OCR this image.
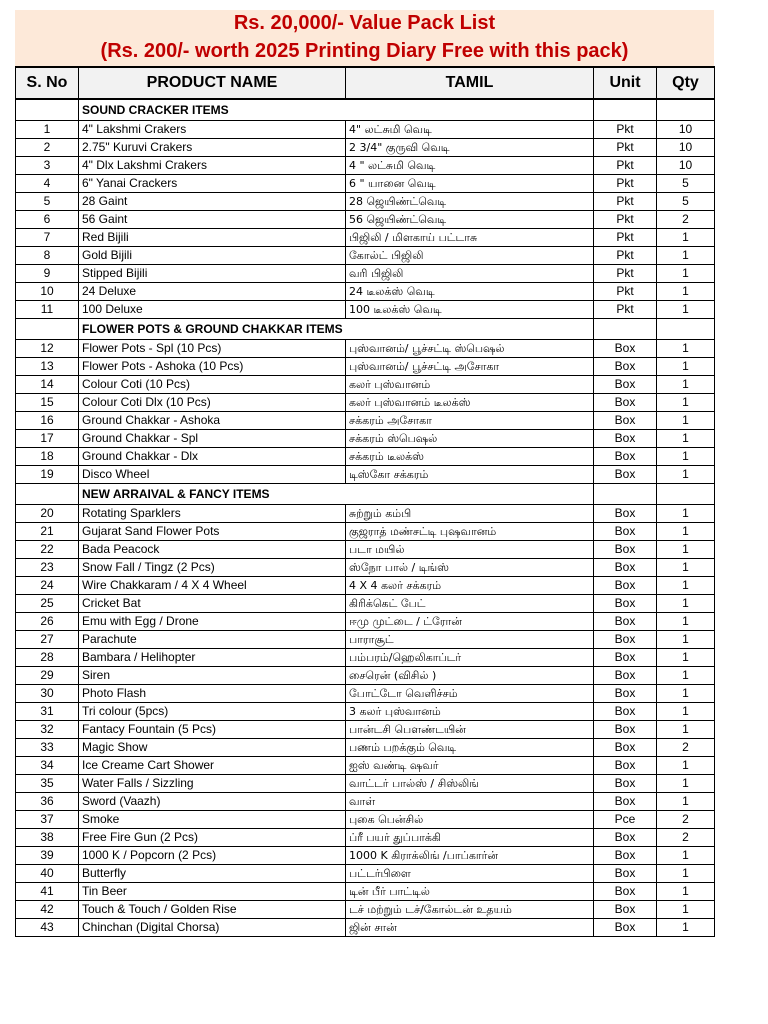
Rs. 20,000/- Value Pack List
(Rs. 200/- worth 2025 Printing Diary Free with this pack)
S. No	PRODUCT NAME	TAMIL	Unit	Qty
	SOUND CRACKER ITEMS			
1	4" Lakshmi Crakers	4" லட்சுமி வெடி	Pkt	10
2	2.75" Kuruvi Crakers	2 3/4" குருவி வெடி	Pkt	10
3	4" Dlx Lakshmi Crakers	4 " லட்சுமி வெடி	Pkt	10
4	6" Yanai Crackers	6 " யானை வெடி	Pkt	5
5	28 Gaint	28 ஜெயிண்ட்வெடி	Pkt	5
6	56 Gaint	56 ஜெயிண்ட்வெடி	Pkt	2
7	Red Bijili	பிஜிலி / மிளகாய் பட்டாசு	Pkt	1
8	Gold Bijili	கோல்ட் பிஜிலி	Pkt	1
9	Stipped Bijili	வரி பிஜிலி	Pkt	1
10	24 Deluxe	24 டீலக்ஸ் வெடி	Pkt	1
11	100 Deluxe	100 டீலக்ஸ் வெடி	Pkt	1
	FLOWER POTS & GROUND CHAKKAR ITEMS			
12	Flower Pots - Spl (10 Pcs)	புஸ்வானம்/ பூச்சட்டி ஸ்பெஷல்	Box	1
13	Flower Pots - Ashoka (10 Pcs)	புஸ்வானம்/ பூச்சட்டி அசோகா	Box	1
14	Colour Coti (10 Pcs)	கலர் புஸ்வானம்	Box	1
15	Colour Coti Dlx (10 Pcs)	கலர் புஸ்வானம் டீலக்ஸ்	Box	1
16	Ground Chakkar - Ashoka	சக்கரம் அசோகா	Box	1
17	Ground Chakkar - Spl	சக்கரம் ஸ்பெஷல்	Box	1
18	Ground Chakkar - Dlx	சக்கரம் டீலக்ஸ்	Box	1
19	Disco Wheel	டிஸ்கோ சக்கரம்	Box	1
	NEW ARRAIVAL & FANCY ITEMS			
20	Rotating Sparklers	சுற்றும் கம்பி	Box	1
21	Gujarat Sand Flower Pots	குஜராத் மண்சட்டி புஷவானம்	Box	1
22	Bada Peacock	படா மயில்	Box	1
23	Snow Fall / Tingz (2 Pcs)	ஸ்நோ பால் / டிங்ஸ்	Box	1
24	Wire Chakkaram / 4 X 4 Wheel	4 X 4 கலர் சக்கரம்	Box	1
25	Cricket Bat	கிரிக்கெட் பேட்	Box	1
26	Emu with Egg / Drone	ஈமு முட்டை / ட்ரோன்	Box	1
27	Parachute	பாராசூட்	Box	1
28	Bambara / Helihopter	பம்பரம்/ஹெலிகாப்டர்	Box	1
29	Siren	சைரென் (விசில் )	Box	1
30	Photo Flash	போட்டோ வெளிச்சம்	Box	1
31	Tri colour (5pcs)	3 கலர் புஸ்வானம்	Box	1
32	Fantacy Fountain (5 Pcs)	பான்டசி பௌண்டயின்	Box	1
33	Magic Show	பணம் பறக்கும் வெடி	Box	2
34	Ice Creame Cart Shower	ஐஸ் வண்டி ஷவர்	Box	1
35	Water Falls / Sizzling	வாட்டர் பால்ஸ் / சிஸ்லிங்	Box	1
36	Sword (Vaazh)	வாள்	Box	1
37	Smoke	புகை பென்சில்	Pce	2
38	Free Fire Gun (2 Pcs)	ப்ரீ பயர் துப்பாக்கி	Box	2
39	1000 K / Popcorn (2 Pcs)	1000 K கிராக்லிங் /பாப்கார்ன்	Box	1
40	Butterfly	பட்டர்பிளை	Box	1
41	Tin Beer	டின் பீர் பாட்டில்	Box	1
42	Touch & Touch / Golden Rise	டச் மற்றும் டச்/கோல்டன் உதயம்	Box	1
43	Chinchan (Digital Chorsa)	ஜின் சான்	Box	1
